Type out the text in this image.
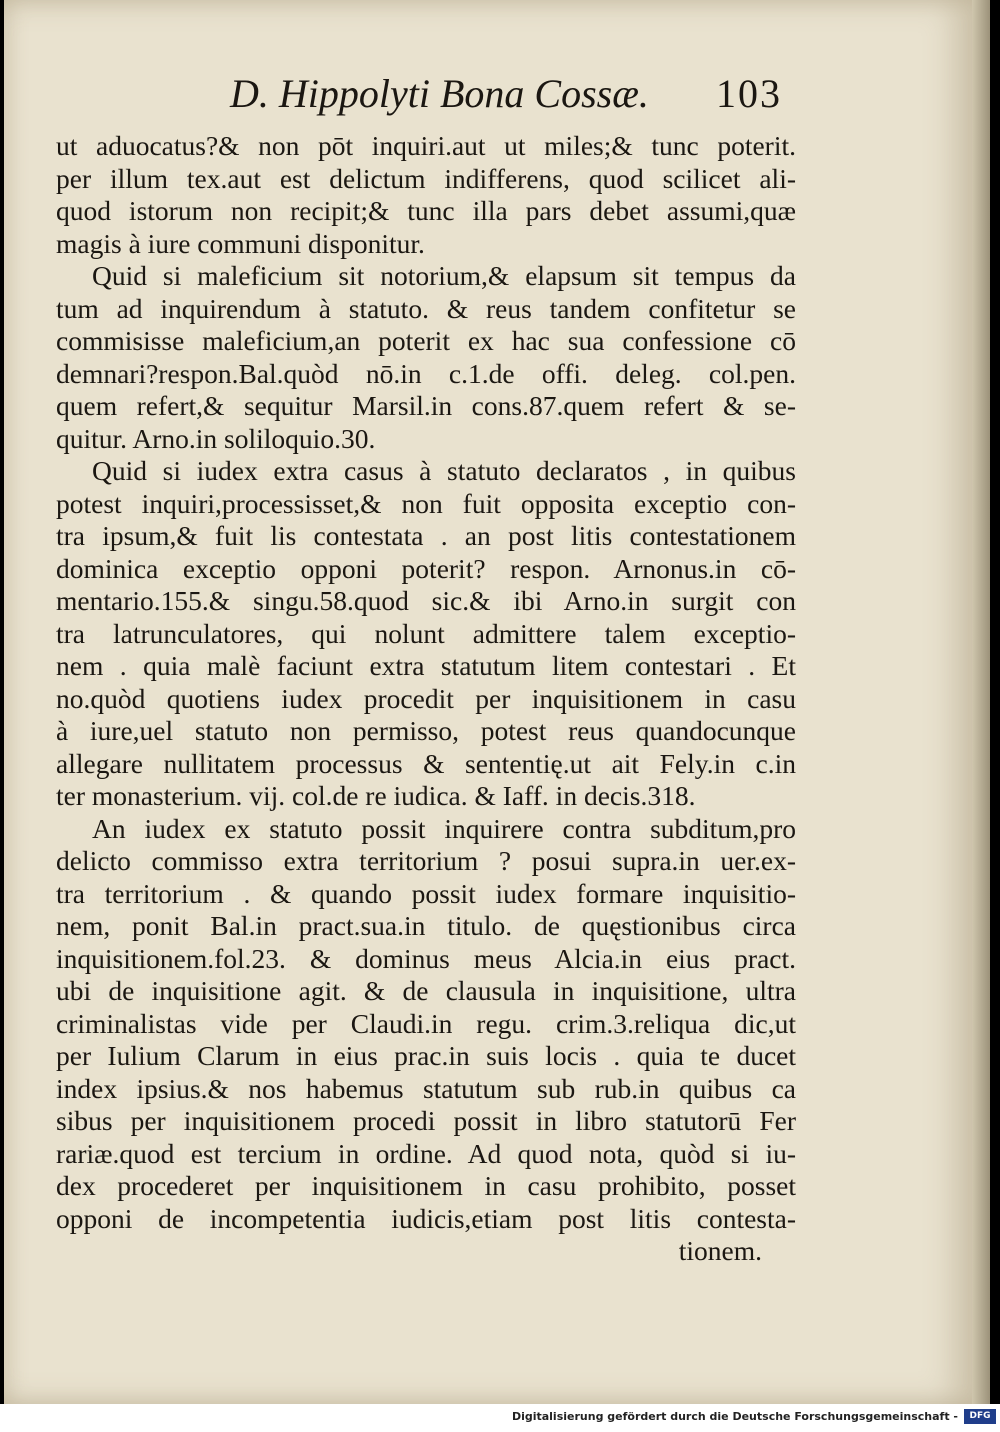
D. Hippolyti Bona Cossæ. 103
ut aduocatus?& non pōt inquiri.aut ut miles;& tunc poterit.
per illum tex.aut est delictum indifferens, quod scilicet ali-
quod istorum non recipit;& tunc illa pars debet assumi,quæ
magis à iure communi disponitur.
Quid si maleficium sit notorium,& elapsum sit tempus da
tum ad inquirendum à statuto. & reus tandem confitetur se
commisisse maleficium,an poterit ex hac sua confessione cō
demnari?respon.Bal.quòd nō.in c.1.de offi. deleg. col.pen.
quem refert,& sequitur Marsil.in cons.87.quem refert & se-
quitur. Arno.in soliloquio.30.
Quid si iudex extra casus à statuto declaratos , in quibus
potest inquiri,processisset,& non fuit opposita exceptio con-
tra ipsum,& fuit lis contestata . an post litis contestationem
dominica exceptio opponi poterit? respon. Arnonus.in cō-
mentario.155.& singu.58.quod sic.& ibi Arno.in surgit con
tra latrunculatores, qui nolunt admittere talem exceptio-
nem . quia malè faciunt extra statutum litem contestari . Et
no.quòd quotiens iudex procedit per inquisitionem in casu
à iure,uel statuto non permisso, potest reus quandocunque
allegare nullitatem processus & sententię.ut ait Fely.in c.in
ter monasterium. vij. col.de re iudica. & Iaff. in decis.318.
An iudex ex statuto possit inquirere contra subditum,pro
delicto commisso extra territorium ? posui supra.in uer.ex-
tra territorium . & quando possit iudex formare inquisitio-
nem, ponit Bal.in pract.sua.in titulo. de quęstionibus circa
inquisitionem.fol.23. & dominus meus Alcia.in eius pract.
ubi de inquisitione agit. & de clausula in inquisitione, ultra
criminalistas vide per Claudi.in regu. crim.3.reliqua dic,ut
per Iulium Clarum in eius prac.in suis locis . quia te ducet
index ipsius.& nos habemus statutum sub rub.in quibus ca
sibus per inquisitionem procedi possit in libro statutorū Fer
rariæ.quod est tercium in ordine. Ad quod nota, quòd si iu-
dex procederet per inquisitionem in casu prohibito, posset
opponi de incompetentia iudicis,etiam post litis contesta-
tionem.
Digitalisierung gefördert durch die Deutsche Forschungsgemeinschaft -	DFG
